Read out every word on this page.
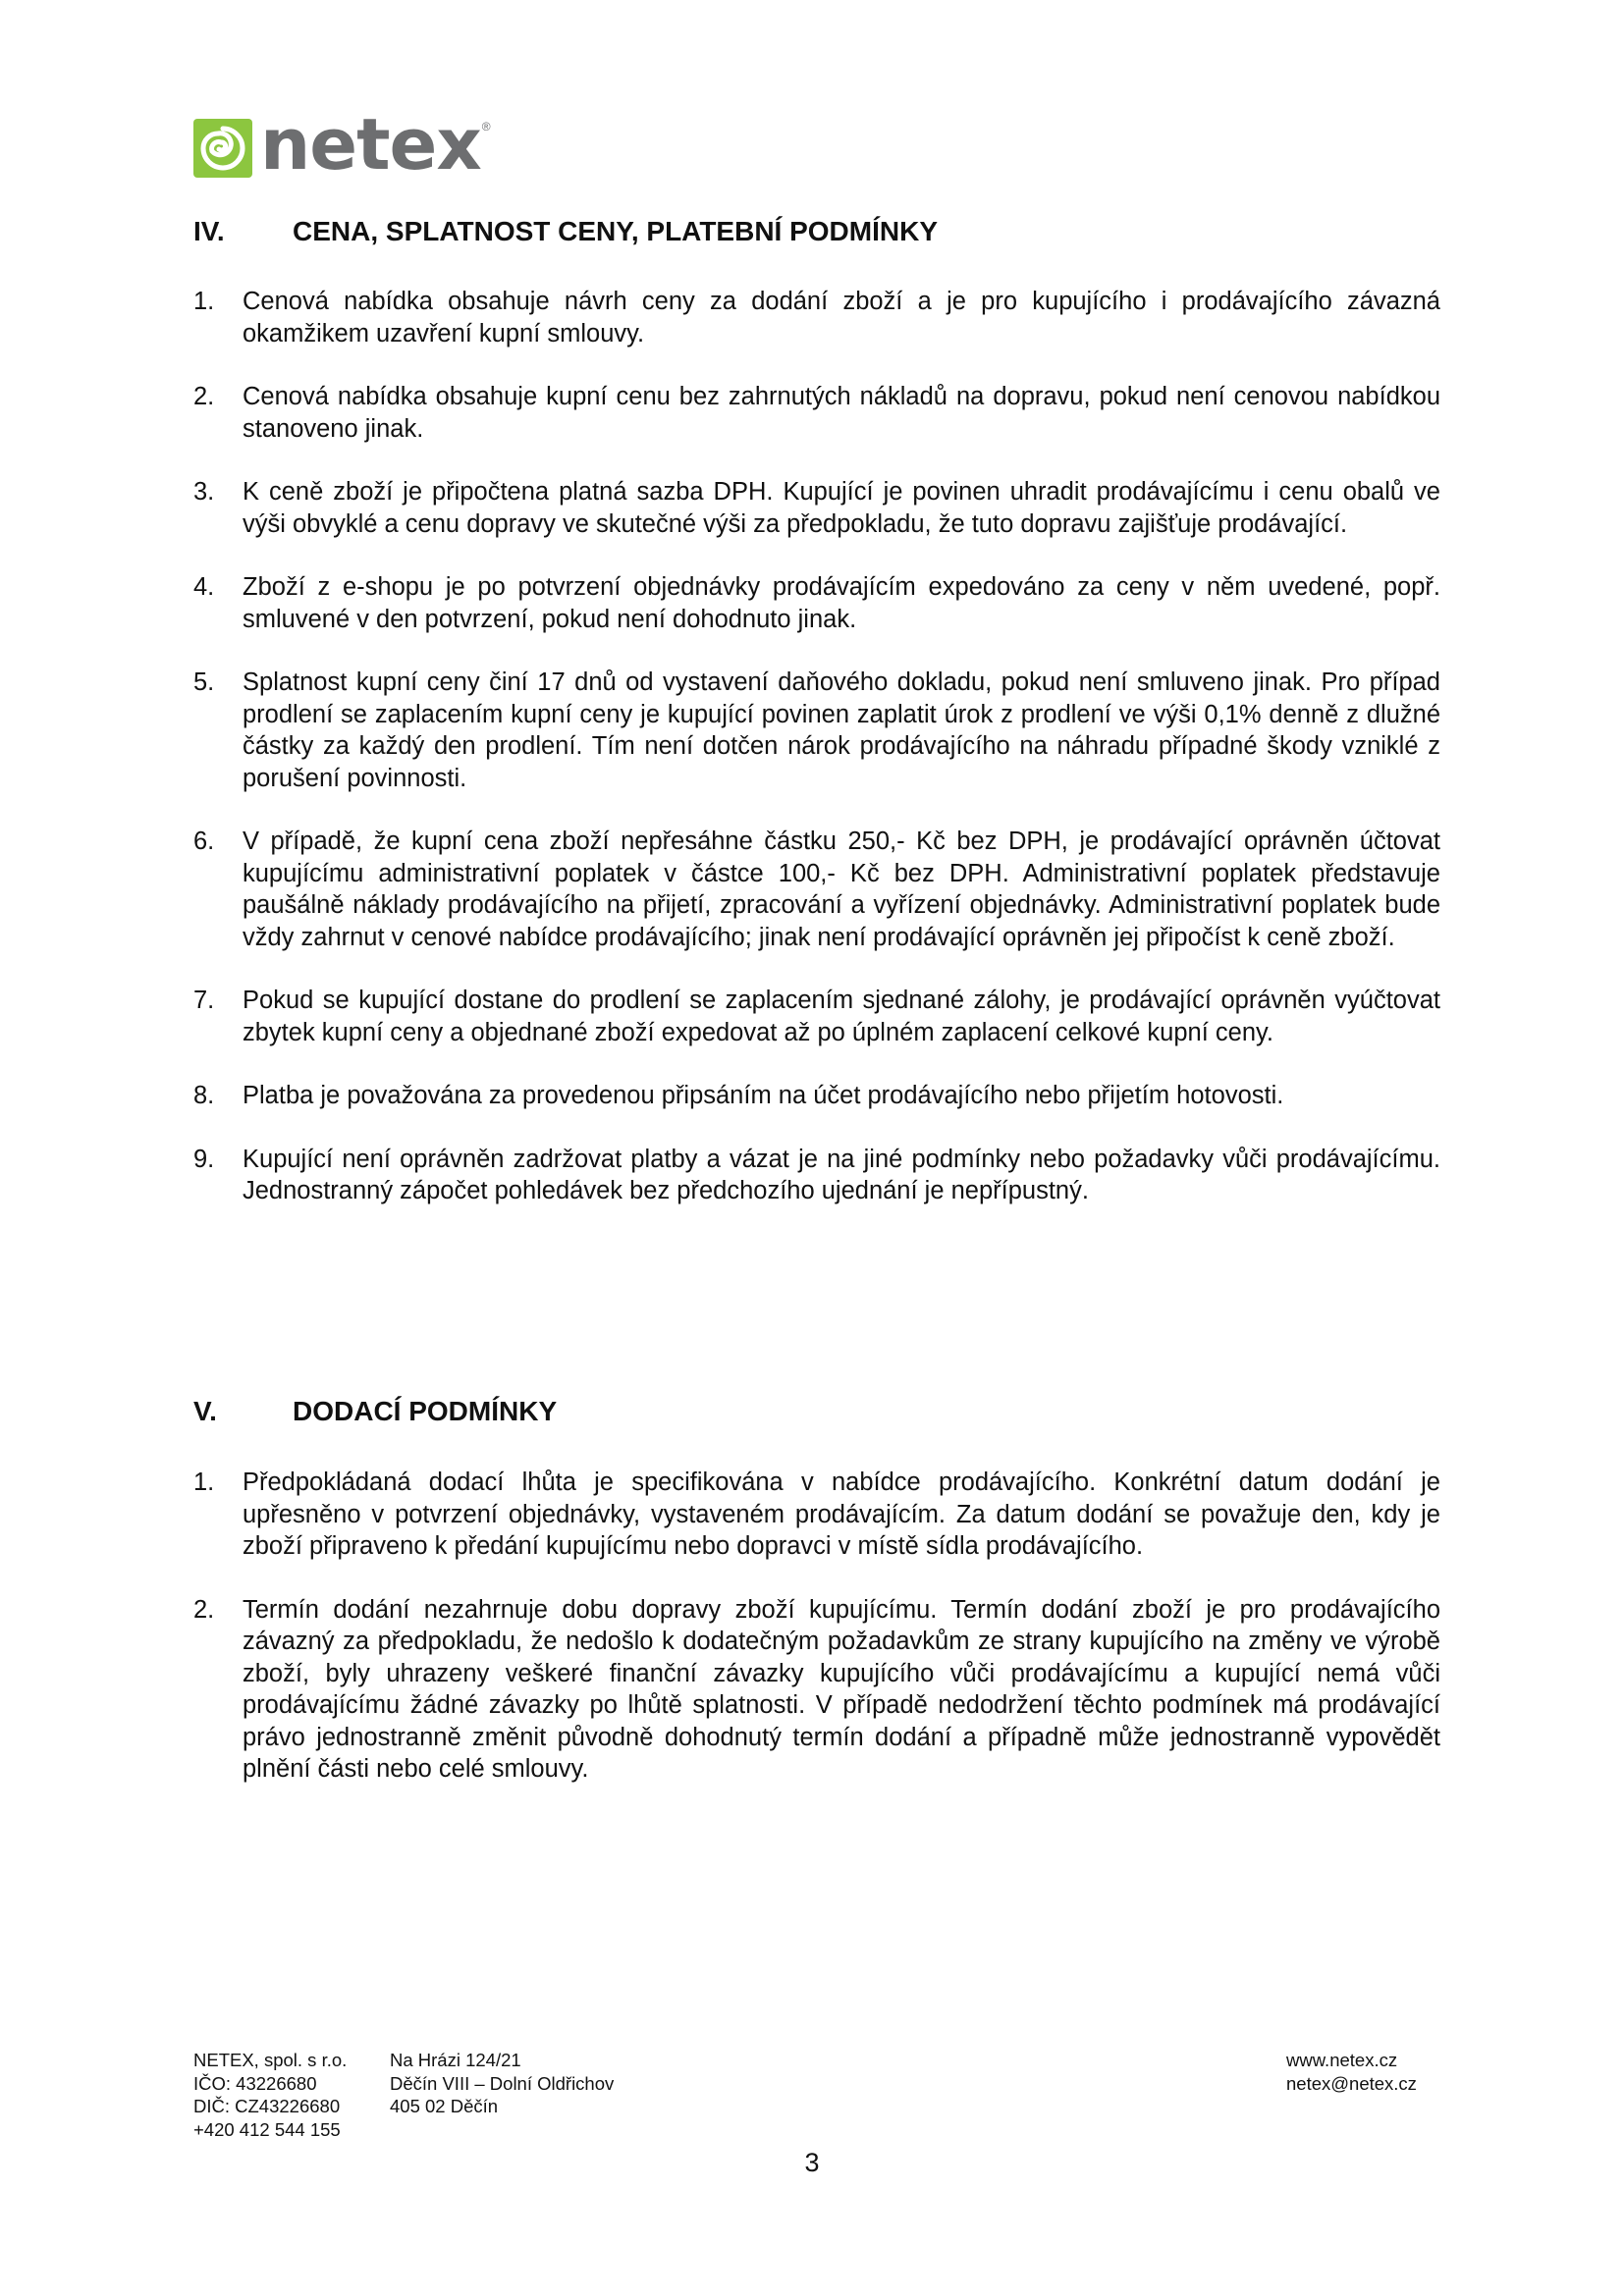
netex ®
IV.	CENA, SPLATNOST CENY, PLATEBNÍ PODMÍNKY
1.	Cenová nabídka obsahuje návrh ceny za dodání zboží a je pro kupujícího i prodávajícího závazná okamžikem uzavření kupní smlouvy.
2.	Cenová nabídka obsahuje kupní cenu bez zahrnutých nákladů na dopravu, pokud není cenovou nabídkou stanoveno jinak.
3.	K ceně zboží je připočtena platná sazba DPH. Kupující je povinen uhradit prodávajícímu i cenu obalů ve výši obvyklé a cenu dopravy ve skutečné výši za předpokladu, že tuto dopravu zajišťuje prodávající.
4.	Zboží z e-shopu je po potvrzení objednávky prodávajícím expedováno za ceny v něm uvedené, popř. smluvené v den potvrzení, pokud není dohodnuto jinak.
5.	Splatnost kupní ceny činí 17 dnů od vystavení daňového dokladu, pokud není smluveno jinak. Pro případ prodlení se zaplacením kupní ceny je kupující povinen zaplatit úrok z prodlení ve výši 0,1% denně z dlužné částky za každý den prodlení. Tím není dotčen nárok prodávajícího na náhradu případné škody vzniklé z porušení povinnosti.
6.	V případě, že kupní cena zboží nepřesáhne částku 250,- Kč bez DPH, je prodávající oprávněn účtovat kupujícímu administrativní poplatek v částce 100,- Kč bez DPH. Administrativní poplatek představuje paušálně náklady prodávajícího na přijetí, zpracování a vyřízení objednávky. Administrativní poplatek bude vždy zahrnut v cenové nabídce prodávajícího; jinak není prodávající oprávněn jej připočíst k ceně zboží.
7.	Pokud se kupující dostane do prodlení se zaplacením sjednané zálohy, je prodávající oprávněn vyúčtovat zbytek kupní ceny a objednané zboží expedovat až po úplném zaplacení celkové kupní ceny.
8.	Platba je považována za provedenou připsáním na účet prodávajícího nebo přijetím hotovosti.
9.	Kupující není oprávněn zadržovat platby a vázat je na jiné podmínky nebo požadavky vůči prodávajícímu. Jednostranný zápočet pohledávek bez předchozího ujednání je nepřípustný.
V.	DODACÍ PODMÍNKY
1.	Předpokládaná dodací lhůta je specifikována v nabídce prodávajícího. Konkrétní datum dodání je upřesněno v potvrzení objednávky, vystaveném prodávajícím. Za datum dodání se považuje den, kdy je zboží připraveno k předání kupujícímu nebo dopravci v místě sídla prodávajícího.
2.	Termín dodání nezahrnuje dobu dopravy zboží kupujícímu. Termín dodání zboží je pro prodávajícího závazný za předpokladu, že nedošlo k dodatečným požadavkům ze strany kupujícího na změny ve výrobě zboží, byly uhrazeny veškeré finanční závazky kupujícího vůči prodávajícímu a kupující nemá vůči prodávajícímu žádné závazky po lhůtě splatnosti. V případě nedodržení těchto podmínek má prodávající právo jednostranně změnit původně dohodnutý termín dodání a případně může jednostranně vypovědět plnění části nebo celé smlouvy.
NETEX, spol. s r.o.
IČO: 43226680
DIČ: CZ43226680
+420 412 544 155
Na Hrázi 124/21
Děčín VIII – Dolní Oldřichov
405 02 Děčín
www.netex.cz
netex@netex.cz
3
